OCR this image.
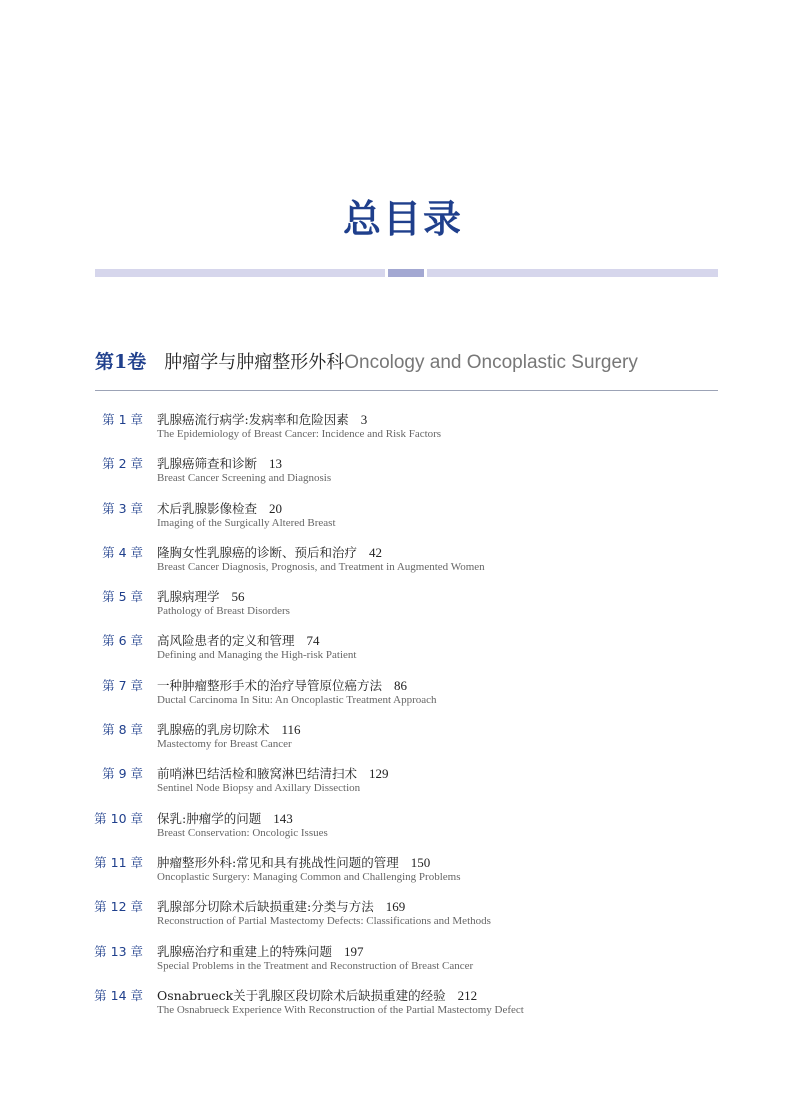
总目录
第1卷 肿瘤学与肿瘤整形外科Oncology and Oncoplastic Surgery
第 1 章 乳腺癌流行病学:发病率和危险因素 3
The Epidemiology of Breast Cancer: Incidence and Risk Factors
第 2 章 乳腺癌筛查和诊断 13
Breast Cancer Screening and Diagnosis
第 3 章 术后乳腺影像检查 20
Imaging of the Surgically Altered Breast
第 4 章 隆胸女性乳腺癌的诊断、预后和治疗 42
Breast Cancer Diagnosis, Prognosis, and Treatment in Augmented Women
第 5 章 乳腺病理学 56
Pathology of Breast Disorders
第 6 章 高风险患者的定义和管理 74
Defining and Managing the High-risk Patient
第 7 章 一种肿瘤整形手术的治疗导管原位癌方法 86
Ductal Carcinoma In Situ: An Oncoplastic Treatment Approach
第 8 章 乳腺癌的乳房切除术 116
Mastectomy for Breast Cancer
第 9 章 前哨淋巴结活检和腋窝淋巴结清扫术 129
Sentinel Node Biopsy and Axillary Dissection
第 10 章 保乳:肿瘤学的问题 143
Breast Conservation: Oncologic Issues
第 11 章 肿瘤整形外科:常见和具有挑战性问题的管理 150
Oncoplastic Surgery: Managing Common and Challenging Problems
第 12 章 乳腺部分切除术后缺损重建:分类与方法 169
Reconstruction of Partial Mastectomy Defects: Classifications and Methods
第 13 章 乳腺癌治疗和重建上的特殊问题 197
Special Problems in the Treatment and Reconstruction of Breast Cancer
第 14 章 Osnabrueck关于乳腺区段切除术后缺损重建的经验 212
The Osnabrueck Experience With Reconstruction of the Partial Mastectomy Defect
